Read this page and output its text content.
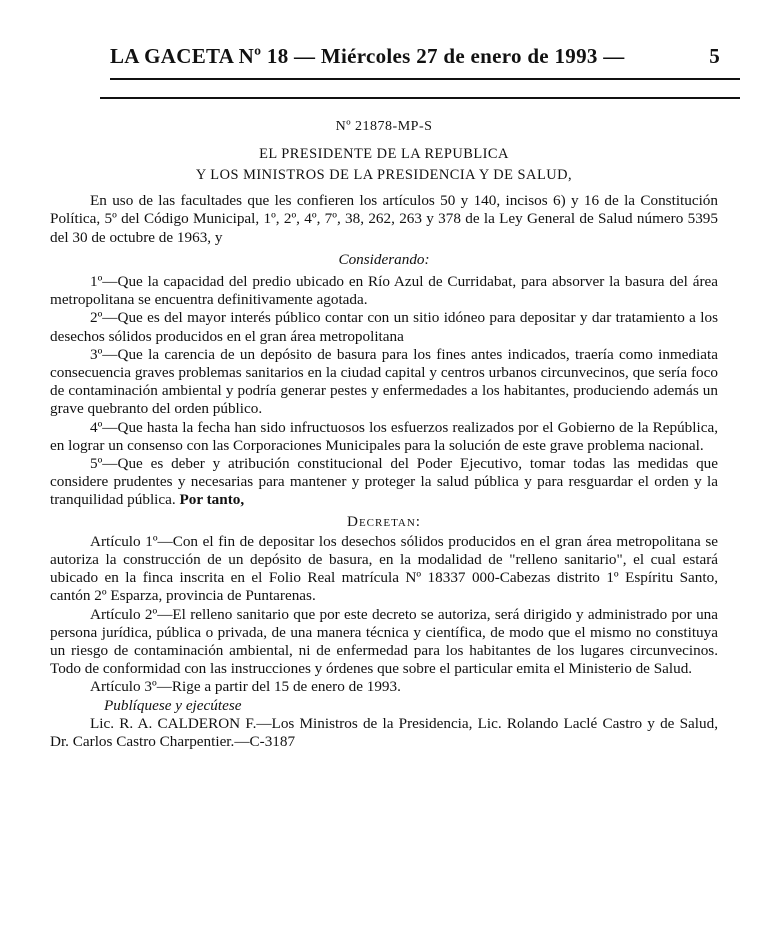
LA GACETA Nº 18 — Miércoles 27 de enero de 1993 —	5
Nº 21878-MP-S
EL PRESIDENTE DE LA REPUBLICA
Y LOS MINISTROS DE LA PRESIDENCIA Y DE SALUD,

En uso de las facultades que les confieren los artículos 50 y 140, incisos 6) y 16 de la Constitución Política, 5º del Código Municipal, 1º, 2º, 4º, 7º, 38, 262, 263 y 378 de la Ley General de Salud número 5395 del 30 de octubre de 1963, y

Considerando:

1º—Que la capacidad del predio ubicado en Río Azul de Curridabat, para absorver la basura del área metropolitana se encuentra definitivamente agotada.

2º—Que es del mayor interés público contar con un sitio idóneo para depositar y dar tratamiento a los desechos sólidos producidos en el gran área metropolitana

3º—Que la carencia de un depósito de basura para los fines antes indicados, traería como inmediata consecuencia graves problemas sanitarios en la ciudad capital y centros urbanos circunvecinos, que sería foco de contaminación ambiental y podría generar pestes y enfermedades a los habitantes, produciendo además un grave quebranto del orden público.

4º—Que hasta la fecha han sido infructuosos los esfuerzos realizados por el Gobierno de la República, en lograr un consenso con las Corporaciones Municipales para la solución de este grave problema nacional.

5º—Que es deber y atribución constitucional del Poder Ejecutivo, tomar todas las medidas que considere prudentes y necesarias para mantener y proteger la salud pública y para resguardar el orden y la tranquilidad pública. Por tanto,

Decretan:

Artículo 1º—Con el fin de depositar los desechos sólidos producidos en el gran área metropolitana se autoriza la construcción de un depósito de basura, en la modalidad de "relleno sanitario", el cual estará ubicado en la finca inscrita en el Folio Real matrícula Nº 18337 000-Cabezas distrito 1º Espíritu Santo, cantón 2º Esparza, provincia de Puntarenas.

Artículo 2º—El relleno sanitario que por este decreto se autoriza, será dirigido y administrado por una persona jurídica, pública o privada, de una manera técnica y científica, de modo que el mismo no constituya un riesgo de contaminación ambiental, ni de enfermedad para los habitantes de los lugares circunvecinos. Todo de conformidad con las instrucciones y órdenes que sobre el particular emita el Ministerio de Salud.

Artículo 3º—Rige a partir del 15 de enero de 1993.

Publíquese y ejecútese

Lic. R. A. CALDERON F.—Los Ministros de la Presidencia, Lic. Rolando Laclé Castro y de Salud, Dr. Carlos Castro Charpentier.—C-3187
